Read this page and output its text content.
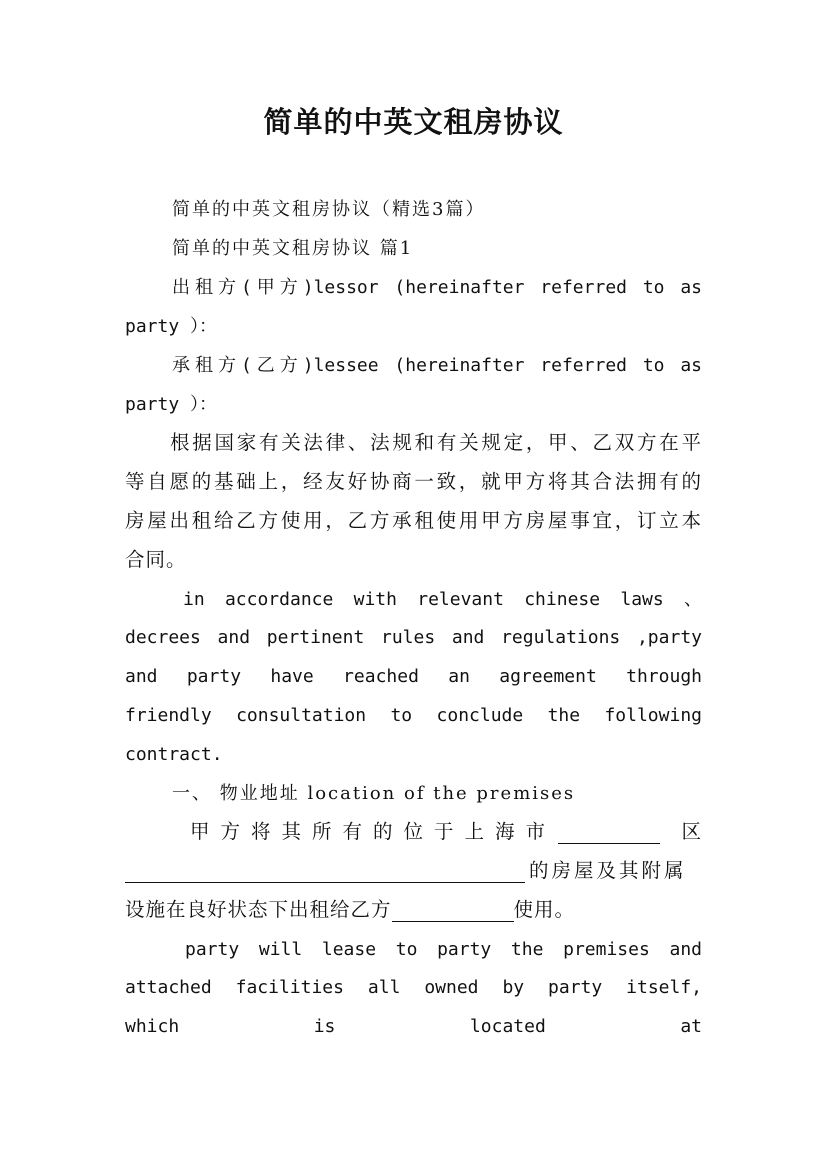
简单的中英文租房协议
简单的中英文租房协议（精选3篇）
简单的中英文租房协议 篇1
出租方(甲方)lessor (hereinafter referred to as
party ）：
承租方(乙方)lessee (hereinafter referred to as
party ）：
根据国家有关法律、法规和有关规定，甲、乙双方在平
等自愿的基础上，经友好协商一致，就甲方将其合法拥有的
房屋出租给乙方使用，乙方承租使用甲方房屋事宜，订立本
合同。
in accordance with relevant chinese laws 、
decrees and pertinent rules and regulations ,party
and party have reached an agreement through
friendly consultation to conclude the following
contract.
一、 物业地址 location of the premises
甲方将其所有的位于上海市	区
的房屋及其附属
设施在良好状态下出租给乙方	使用。
party will lease to party the premises and
attached facilities all owned by party itself,
which is located at
